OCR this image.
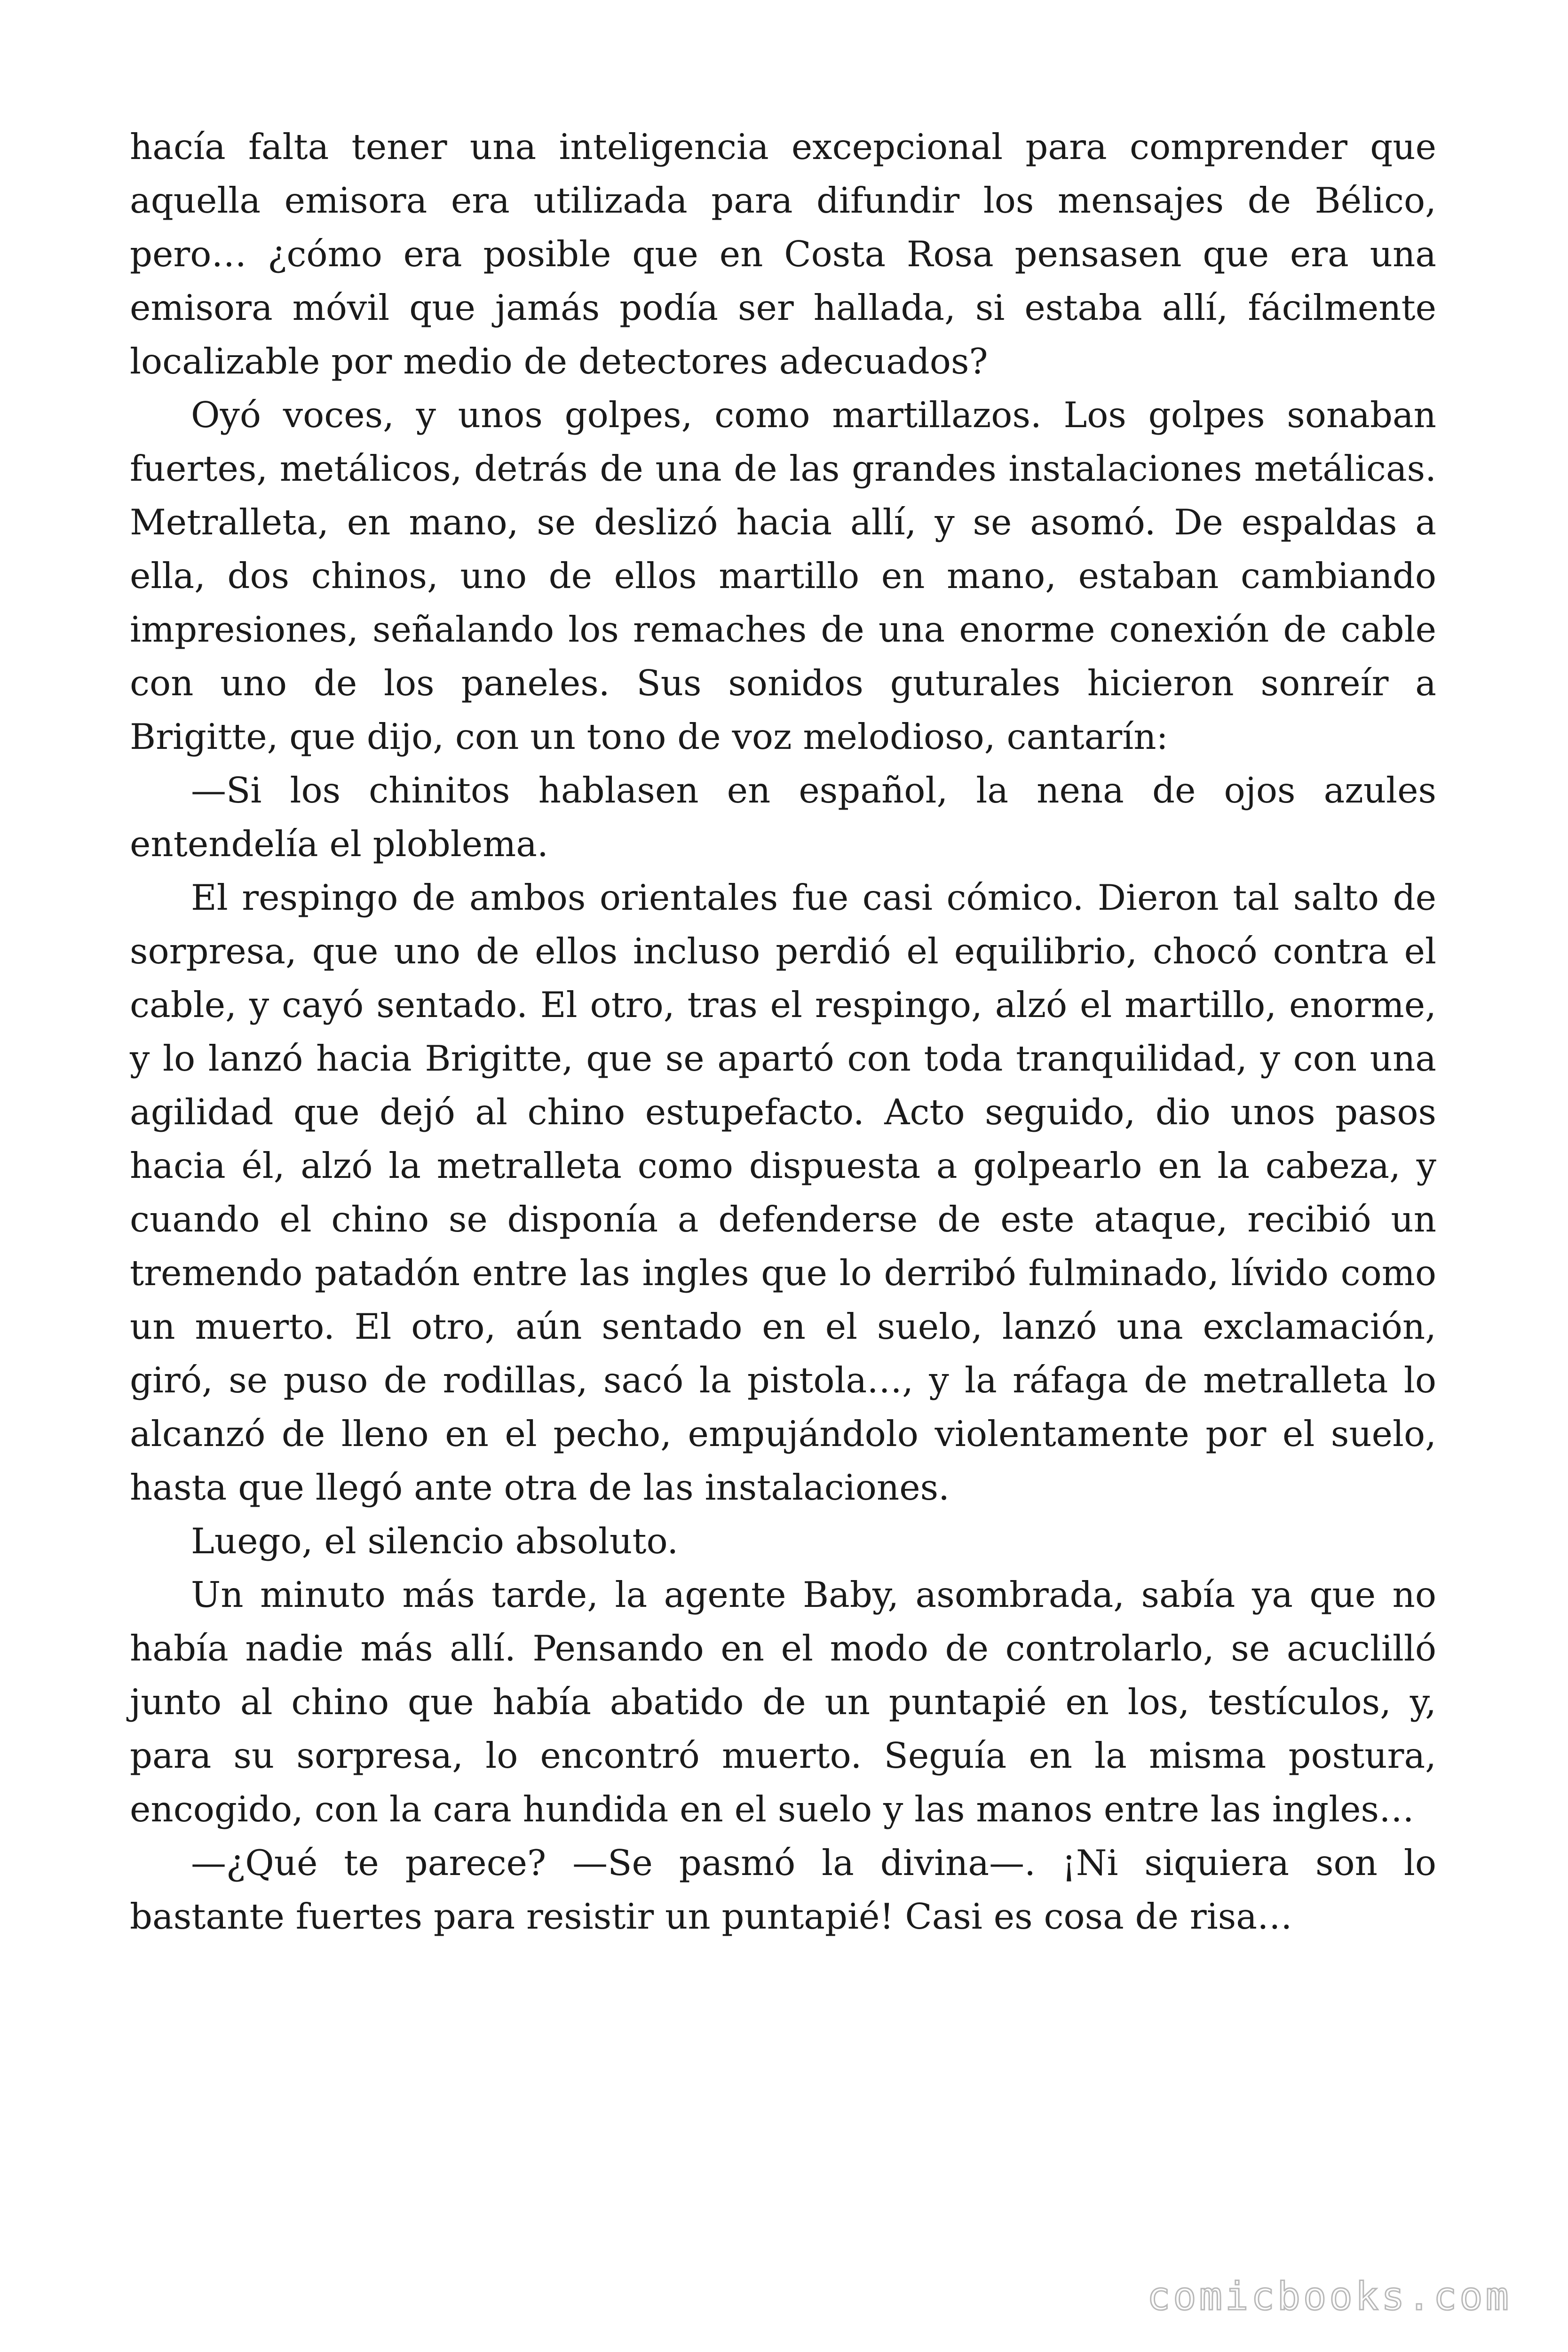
hacía falta tener una inteligencia excepcional para comprender que aquella emisora era utilizada para difundir los mensajes de Bélico, pero… ¿cómo era posible que en Costa Rosa pensasen que era una emisora móvil que jamás podía ser hallada, si estaba allí, fácilmente localizable por medio de detectores adecuados?

Oyó voces, y unos golpes, como martillazos. Los golpes sonaban fuertes, metálicos, detrás de una de las grandes instalaciones metálicas. Metralleta, en mano, se deslizó hacia allí, y se asomó. De espaldas a ella, dos chinos, uno de ellos martillo en mano, estaban cambiando impresiones, señalando los remaches de una enorme conexión de cable con uno de los paneles. Sus sonidos guturales hicieron sonreír a Brigitte, que dijo, con un tono de voz melodioso, cantarín:

—Si los chinitos hablasen en español, la nena de ojos azules entendelía el ploblema.

El respingo de ambos orientales fue casi cómico. Dieron tal salto de sorpresa, que uno de ellos incluso perdió el equilibrio, chocó contra el cable, y cayó sentado. El otro, tras el respingo, alzó el martillo, enorme, y lo lanzó hacia Brigitte, que se apartó con toda tranquilidad, y con una agilidad que dejó al chino estupefacto. Acto seguido, dio unos pasos hacia él, alzó la metralleta como dispuesta a golpearlo en la cabeza, y cuando el chino se disponía a defenderse de este ataque, recibió un tremendo patadón entre las ingles que lo derribó fulminado, lívido como un muerto. El otro, aún sentado en el suelo, lanzó una exclamación, giró, se puso de rodillas, sacó la pistola…, y la ráfaga de metralleta lo alcanzó de lleno en el pecho, empujándolo violentamente por el suelo, hasta que llegó ante otra de las instalaciones.

Luego, el silencio absoluto.

Un minuto más tarde, la agente Baby, asombrada, sabía ya que no había nadie más allí. Pensando en el modo de controlarlo, se acuclilló junto al chino que había abatido de un puntapié en los, testículos, y, para su sorpresa, lo encontró muerto. Seguía en la misma postura, encogido, con la cara hundida en el suelo y las manos entre las ingles…

—¿Qué te parece? —Se pasmó la divina—. ¡Ni siquiera son lo bastante fuertes para resistir un puntapié! Casi es cosa de risa…

comicbooks.com
